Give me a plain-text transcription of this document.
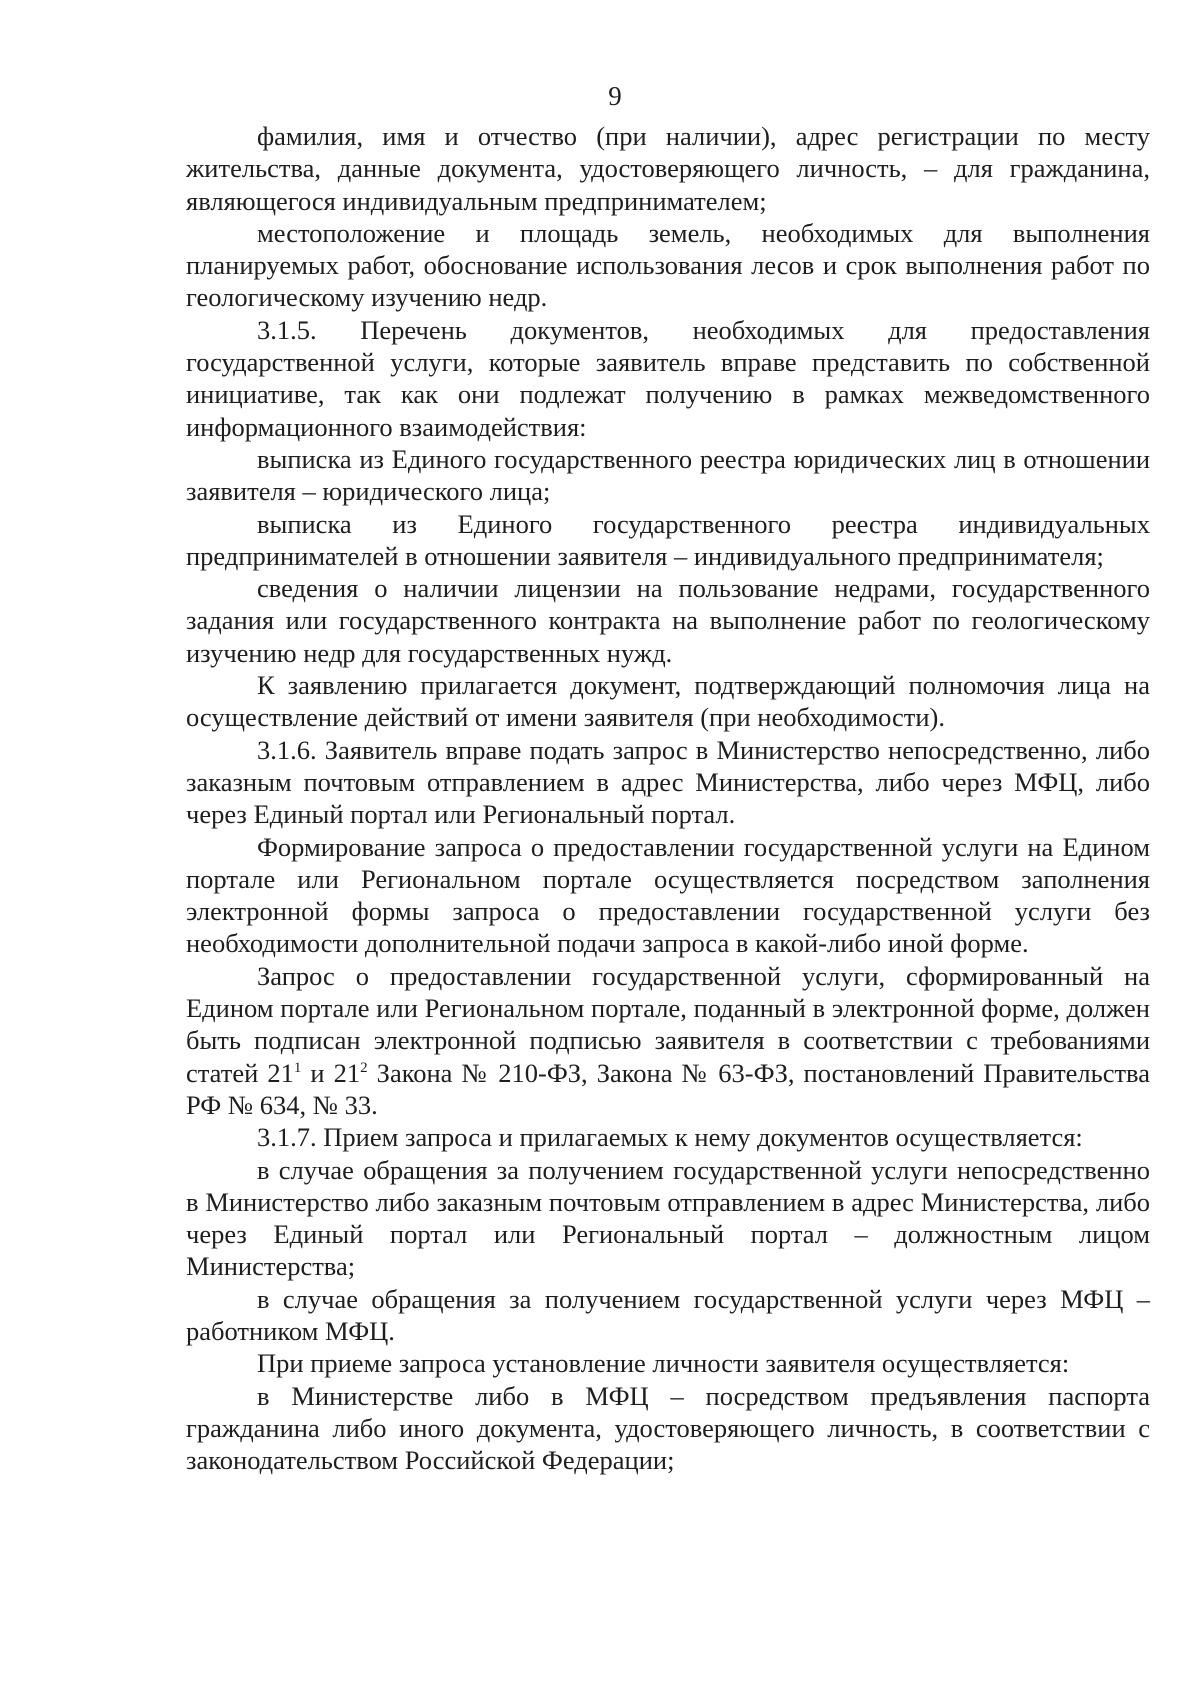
9

фамилия, имя и отчество (при наличии), адрес регистрации по месту жительства, данные документа, удостоверяющего личность, – для гражданина, являющегося индивидуальным предпринимателем;

местоположение и площадь земель, необходимых для выполнения планируемых работ, обоснование использования лесов и срок выполнения работ по геологическому изучению недр.

3.1.5. Перечень документов, необходимых для предоставления государственной услуги, которые заявитель вправе представить по собственной инициативе, так как они подлежат получению в рамках межведомственного информационного взаимодействия:

выписка из Единого государственного реестра юридических лиц в отношении заявителя – юридического лица;

выписка из Единого государственного реестра индивидуальных предпринимателей в отношении заявителя – индивидуального предпринимателя;

сведения о наличии лицензии на пользование недрами, государственного задания или государственного контракта на выполнение работ по геологическому изучению недр для государственных нужд.

К заявлению прилагается документ, подтверждающий полномочия лица на осуществление действий от имени заявителя (при необходимости).

3.1.6. Заявитель вправе подать запрос в Министерство непосредственно, либо заказным почтовым отправлением в адрес Министерства, либо через МФЦ, либо через Единый портал или Региональный портал.

Формирование запроса о предоставлении государственной услуги на Едином портале или Региональном портале осуществляется посредством заполнения электронной формы запроса о предоставлении государственной услуги без необходимости дополнительной подачи запроса в какой-либо иной форме.

Запрос о предоставлении государственной услуги, сформированный на Едином портале или Региональном портале, поданный в электронной форме, должен быть подписан электронной подписью заявителя в соответствии с требованиями статей $21^1$ и $21^2$ Закона № 210-ФЗ, Закона № 63-ФЗ, постановлений Правительства РФ № 634, № 33.

3.1.7. Прием запроса и прилагаемых к нему документов осуществляется:

в случае обращения за получением государственной услуги непосредственно в Министерство либо заказным почтовым отправлением в адрес Министерства, либо через Единый портал или Региональный портал – должностным лицом Министерства;

в случае обращения за получением государственной услуги через МФЦ – работником МФЦ.

При приеме запроса установление личности заявителя осуществляется:

в Министерстве либо в МФЦ – посредством предъявления паспорта гражданина либо иного документа, удостоверяющего личность, в соответствии с законодательством Российской Федерации;
